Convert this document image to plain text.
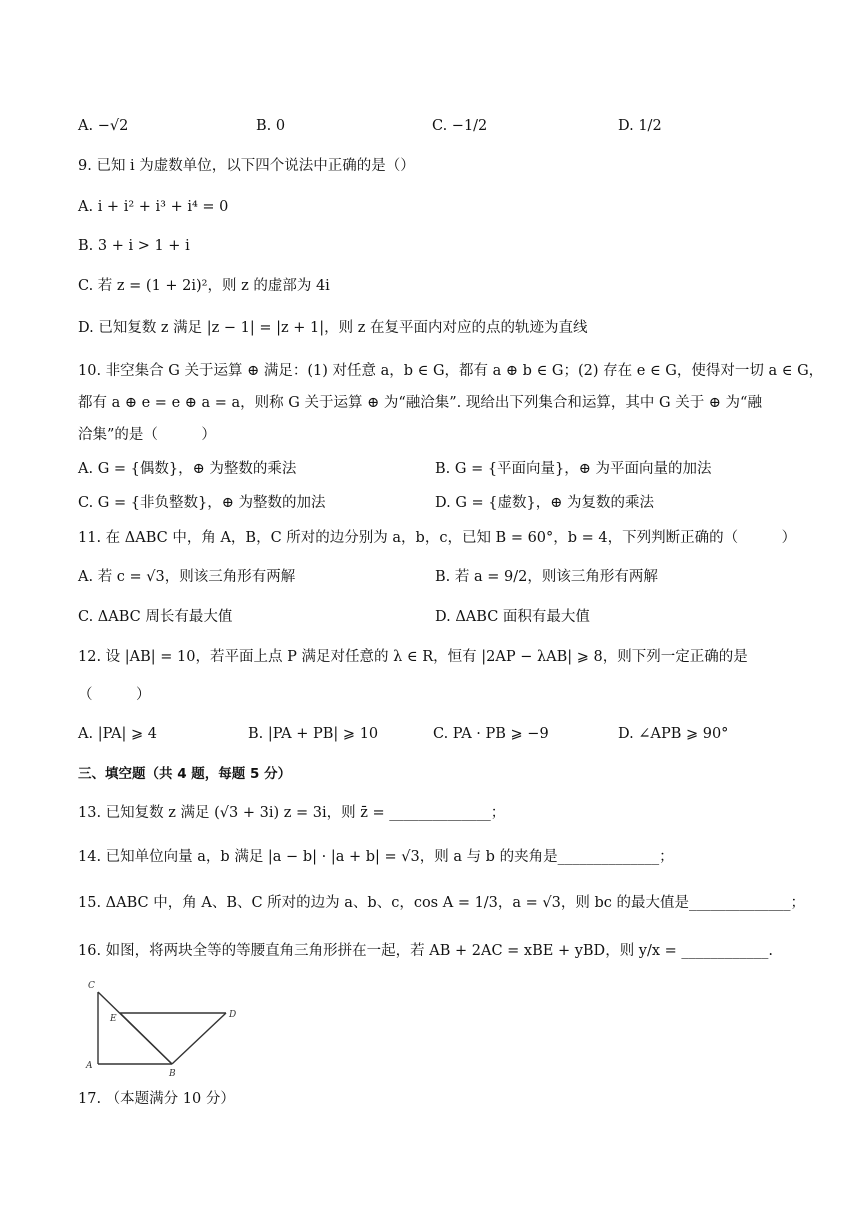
A. −√2	B. 0	C. −1/2	D. 1/2
9. 已知 i 为虚数单位，以下四个说法中正确的是（）
A. i + i² + i³ + i⁴ = 0
B. 3 + i > 1 + i
C. 若 z = (1 + 2i)²，则 z 的虚部为 4i
D. 已知复数 z 满足 |z − 1| = |z + 1|，则 z 在复平面内对应的点的轨迹为直线
10. 非空集合 G 关于运算 ⊕ 满足：(1) 对任意 a，b ∈ G，都有 a ⊕ b ∈ G；(2) 存在 e ∈ G，使得对一切 a ∈ G，
都有 a ⊕ e = e ⊕ a = a，则称 G 关于运算 ⊕ 为“融洽集”. 现给出下列集合和运算，其中 G 关于 ⊕ 为“融
洽集”的是（　　　）
A. G = {偶数}，⊕ 为整数的乘法	B. G = {平面向量}，⊕ 为平面向量的加法
C. G = {非负整数}，⊕ 为整数的加法	D. G = {虚数}，⊕ 为复数的乘法
11. 在 ΔABC 中，角 A，B，C 所对的边分别为 a，b，c，已知 B = 60°，b = 4，下列判断正确的（　　　）
A. 若 c = √3，则该三角形有两解	B. 若 a = 9/2，则该三角形有两解
C. ΔABC 周长有最大值	D. ΔABC 面积有最大值
12. 设 |AB| = 10，若平面上点 P 满足对任意的 λ ∈ R，恒有 |2AP − λAB| ⩾ 8，则下列一定正确的是
（　　　）
A. |PA| ⩾ 4	B. |PA + PB| ⩾ 10	C. PA · PB ⩾ −9	D. ∠APB ⩾ 90°
三、填空题（共 4 题，每题 5 分）
13. 已知复数 z 满足 (√3 + 3i) z = 3i，则 z̄ = ______________；
14. 已知单位向量 a，b 满足 |a − b| · |a + b| = √3，则 a 与 b 的夹角是______________；
15. ΔABC 中，角 A、B、C 所对的边为 a、b、c，cos A = 1/3，a = √3，则 bc 的最大值是______________；
16. 如图，将两块全等的等腰直角三角形拼在一起，若 AB + 2AC = xBE + yBD，则 y/x = ____________.
C
E	D
A
B
17. （本题满分 10 分）
